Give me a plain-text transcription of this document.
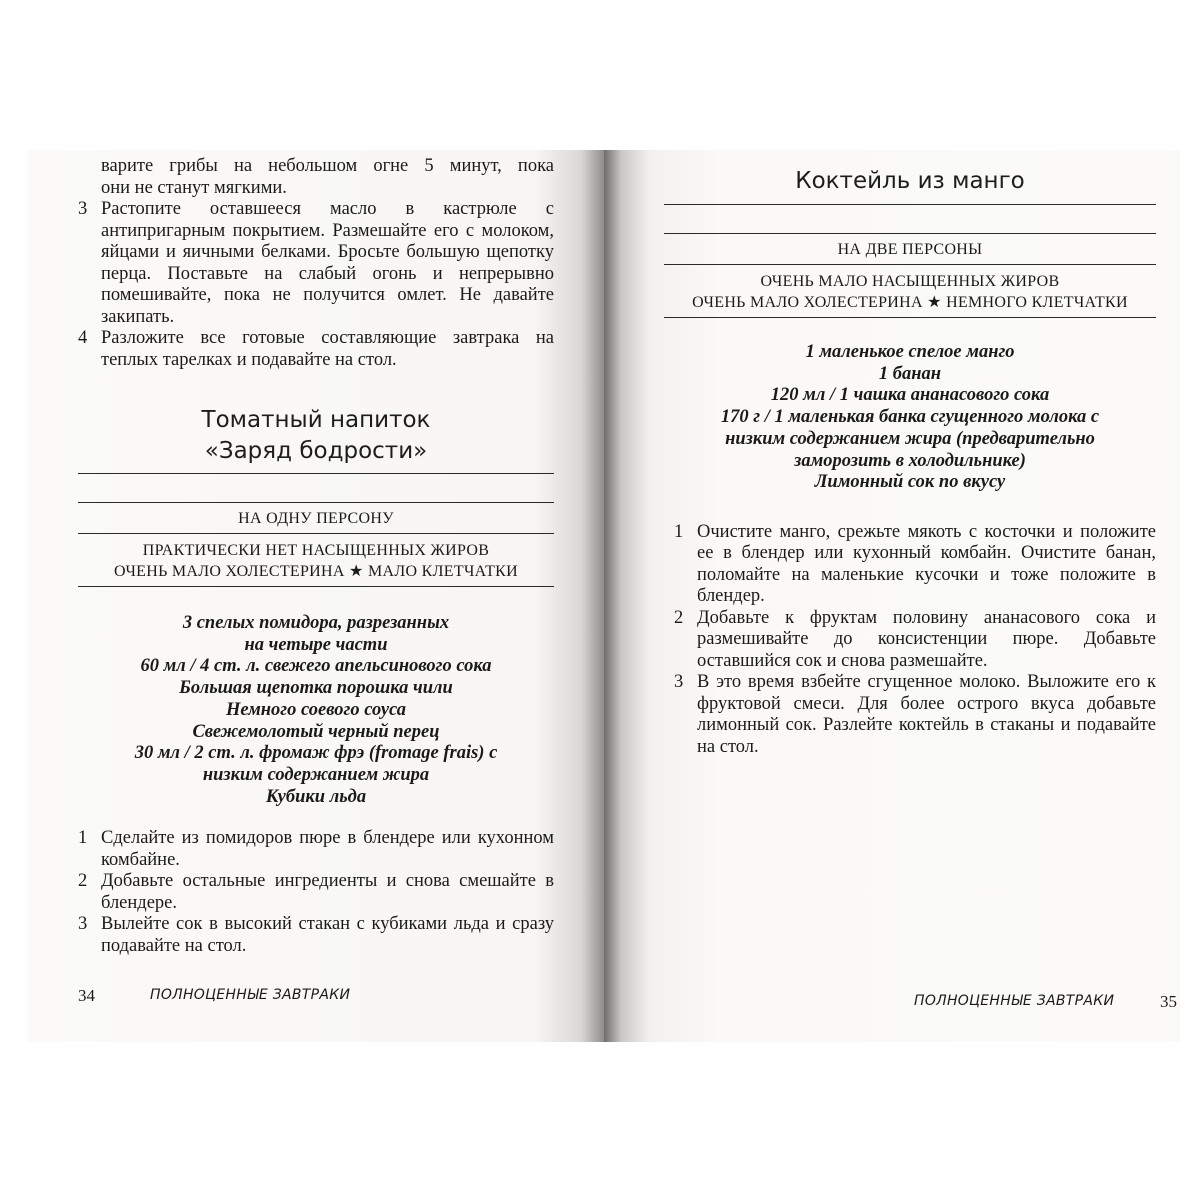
варите грибы на небольшом огне 5 минут, пока

они не станут мягкими.

3 Растопите оставшееся масло в кастрюле с антипригарным покрытием. Размешайте его с молоком, яйцами и яичными белками. Бросьте большую щепотку перца. Поставьте на слабый огонь и непрерывно помешивайте, пока не получится омлет. Не давайте закипать.
4 Разложите все готовые составляющие завтрака на теплых тарелках и подавайте на стол.
Томатный напиток
«Заряд бодрости»
НА ОДНУ ПЕРСОНУ
ПРАКТИЧЕСКИ НЕТ НАСЫЩЕННЫХ ЖИРОВ
ОЧЕНЬ МАЛО ХОЛЕСТЕРИНА ★ МАЛО КЛЕТЧАТКИ
3 спелых помидора, разрезанных
на четыре части
60 мл / 4 ст. л. свежего апельсинового сока
Большая щепотка порошка чили
Немного соевого соуса
Свежемолотый черный перец
30 мл / 2 ст. л. фромаж фрэ (fromage frais) с
низким содержанием жира
Кубики льда
1 Сделайте из помидоров пюре в блендере или кухонном комбайне.
2 Добавьте остальные ингредиенты и снова смешайте в блендере.
3 Вылейте сок в высокий стакан с кубиками льда и сразу подавайте на стол.
34	ПОЛНОЦЕННЫЕ ЗАВТРАКИ
Коктейль из манго
НА ДВЕ ПЕРСОНЫ
ОЧЕНЬ МАЛО НАСЫЩЕННЫХ ЖИРОВ
ОЧЕНЬ МАЛО ХОЛЕСТЕРИНА ★ НЕМНОГО КЛЕТЧАТКИ
1 маленькое спелое манго
1 банан
120 мл / 1 чашка ананасового сока
170 г / 1 маленькая банка сгущенного молока с
низким содержанием жира (предварительно
заморозить в холодильнике)
Лимонный сок по вкусу
1 Очистите манго, срежьте мякоть с косточки и положите ее в блендер или кухонный комбайн. Очистите банан, поломайте на маленькие кусочки и тоже положите в блендер.
2 Добавьте к фруктам половину ананасового сока и размешивайте до консистенции пюре. Добавьте оставшийся сок и снова размешайте.
3 В это время взбейте сгущенное молоко. Выложите его к фруктовой смеси. Для более острого вкуса добавьте лимонный сок. Разлейте коктейль в стаканы и подавайте на стол.
ПОЛНОЦЕННЫЕ ЗАВТРАКИ	35
